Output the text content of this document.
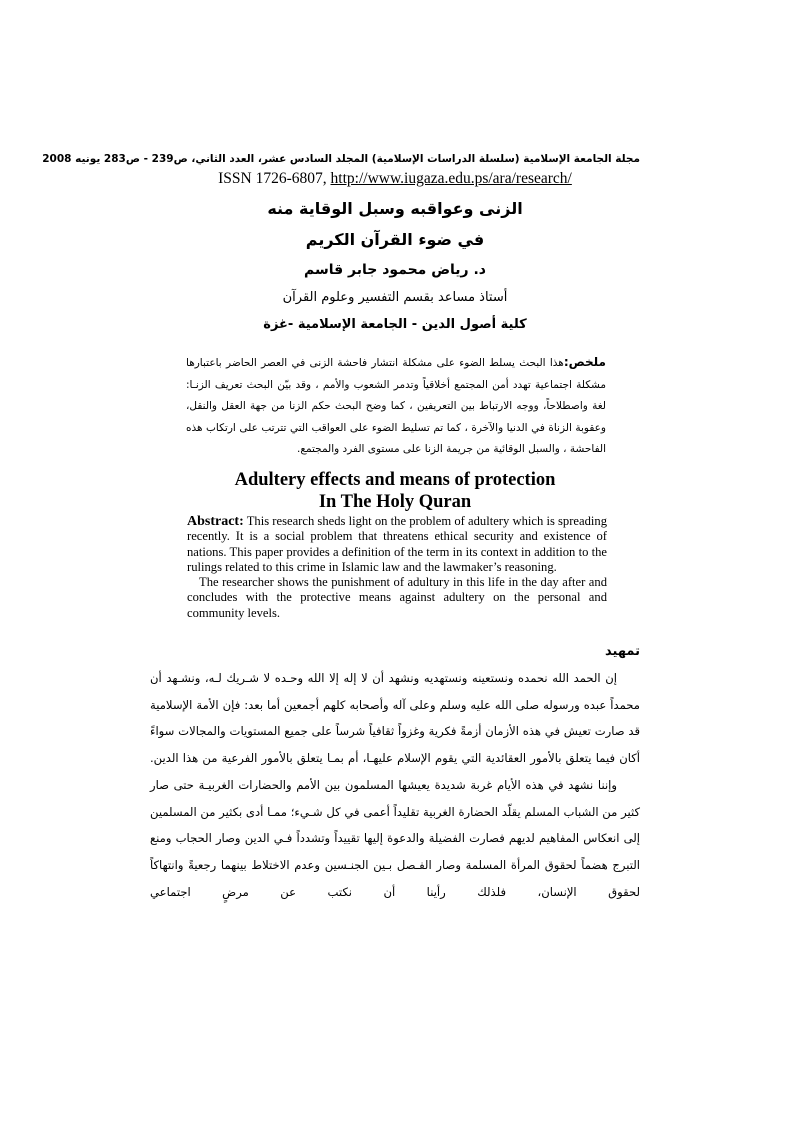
مجلة الجامعة الإسلامية (سلسلة الدراسات الإسلامية) المجلد السادس عشر، العدد الثاني، ص239 - ص283 يونيه 2008
ISSN 1726-6807, http://www.iugaza.edu.ps/ara/research/
الزنى وعواقبه وسبل الوقاية منه
في ضوء القرآن الكريم
د. رياض محمود جابر قاسم
أستاذ مساعد بقسم التفسير وعلوم القرآن
كلية أصول الدين - الجامعة الإسلامية -غزة
ملخص:هذا البحث يسلط الضوء على مشكلة انتشار فاحشة الزنى في العصر الحاضر باعتبارها مشكلة اجتماعية تهدد أمن المجتمع أخلاقياً وتدمر الشعوب والأمم ، وقد بيّن البحث تعريف الزنـا: لغة واصطلاحاً، ووجه الارتباط بين التعريفين ، كما وضح البحث حكم الزنا من جهة العقل والنقل، وعقوبة الزناة في الدنيا والآخرة ، كما تم تسليط الضوء على العواقب التي تترتب على ارتكاب هذه الفاحشة ، والسبل الوقائية من جريمة الزنا على مستوى الفرد والمجتمع.
Adultery effects and means of protection
In The Holy Quran

Abstract: This research sheds light on the problem of adultery which is spreading recently. It is a social problem that threatens ethical security and existence of nations. This paper provides a definition of the term in its context in addition to the rulings related to this crime in Islamic law and the lawmaker’s reasoning.

The researcher shows the punishment of adultury in this life in the day after and concludes with the protective means against adultery on the personal and community levels.

تمهيد

إن الحمد الله نحمده ونستعينه ونستهديه ونشهد أن لا إله إلا الله وحـده لا شـريك لـه، ونشـهد أن محمداً عبده ورسوله صلى الله عليه وسلم وعلى آله وأصحابه كلهم أجمعين أما بعد: فإن الأمة الإسلامية قد صارت تعيش في هذه الأزمان أزمةً فكرية وغزواً ثقافياً شرساً على جميع المستويات والمجالات سواءً أكان فيما يتعلق بالأمور العقائدية التي يقوم الإسلام عليهـا، أم بمـا يتعلق بالأمور الفرعية من هذا الدين.

وإننا نشهد في هذه الأيام غربة شديدة يعيشها المسلمون بين الأمم والحضارات الغربيـة حتى صار كثير من الشباب المسلم يقلّد الحضارة الغربية تقليداً أعمى في كل شـيء؛ ممـا أدى بكثير من المسلمين إلى انعكاس المفاهيم لديهم فصارت الفضيلة والدعوة إليها تقييداً وتشدداً فـي الدين وصار الحجاب ومنع التبرج هضماً لحقوق المرأة المسلمة وصار الفـصل بـين الجنـسين وعدم الاختلاط بينهما رجعيةً وانتهاكاً لحقوق الإنسان، فلذلك رأينا أن نكتب عن مرضٍ اجتماعي
